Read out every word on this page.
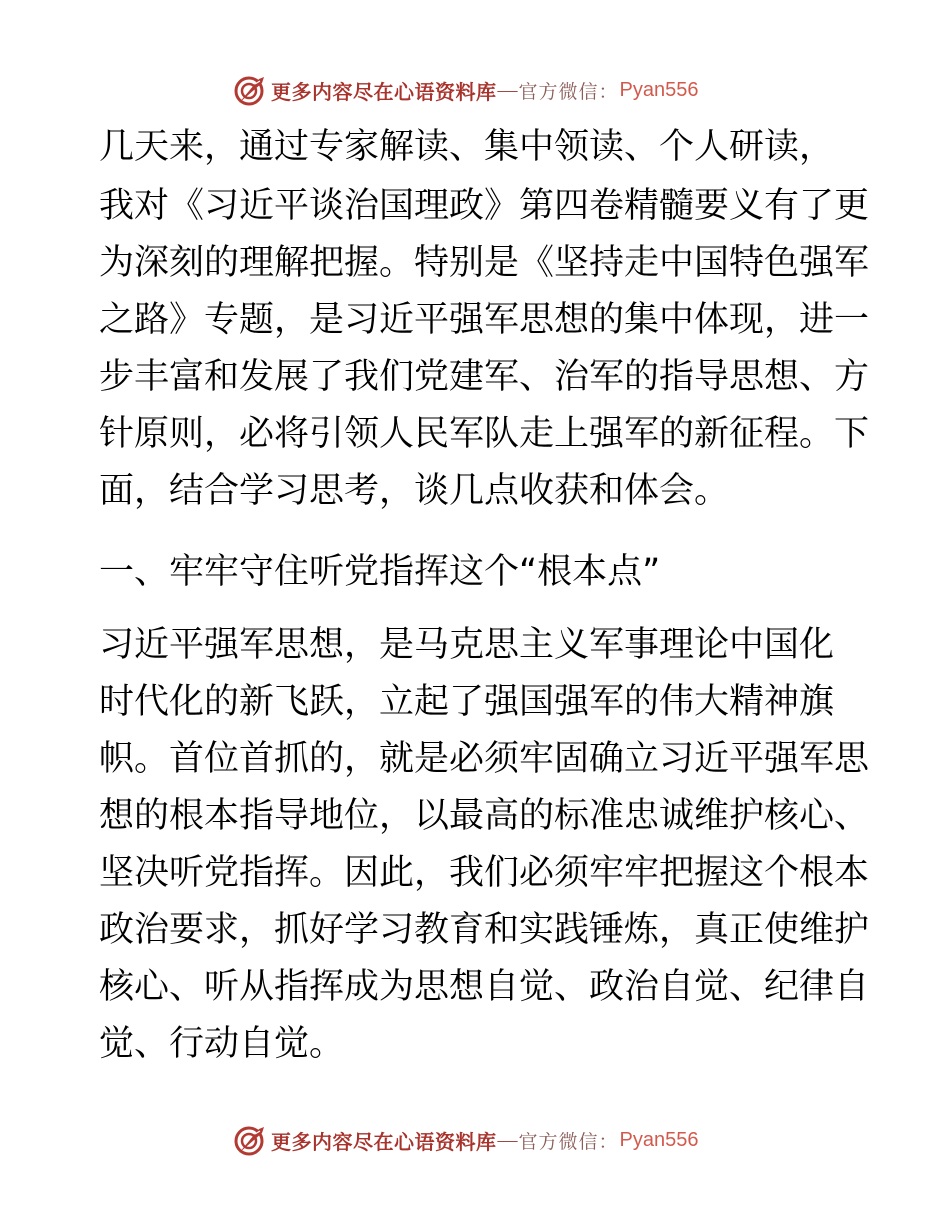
更多内容尽在心语资料库 — 官方微信： Pyan556
几天来，通过专家解读、集中领读、个人研读，
我对《习近平谈治国理政》第四卷精髓要义有了更
为深刻的理解把握。特别是《坚持走中国特色强军
之路》专题，是习近平强军思想的集中体现，进一
步丰富和发展了我们党建军、治军的指导思想、方
针原则，必将引领人民军队走上强军的新征程。下
面，结合学习思考，谈几点收获和体会。
一、牢牢守住听党指挥这个“根本点”
习近平强军思想，是马克思主义军事理论中国化
时代化的新飞跃，立起了强国强军的伟大精神旗
帜。首位首抓的，就是必须牢固确立习近平强军思
想的根本指导地位，以最高的标准忠诚维护核心、
坚决听党指挥。因此，我们必须牢牢把握这个根本
政治要求，抓好学习教育和实践锤炼，真正使维护
核心、听从指挥成为思想自觉、政治自觉、纪律自
觉、行动自觉。
更多内容尽在心语资料库 — 官方微信： Pyan556
